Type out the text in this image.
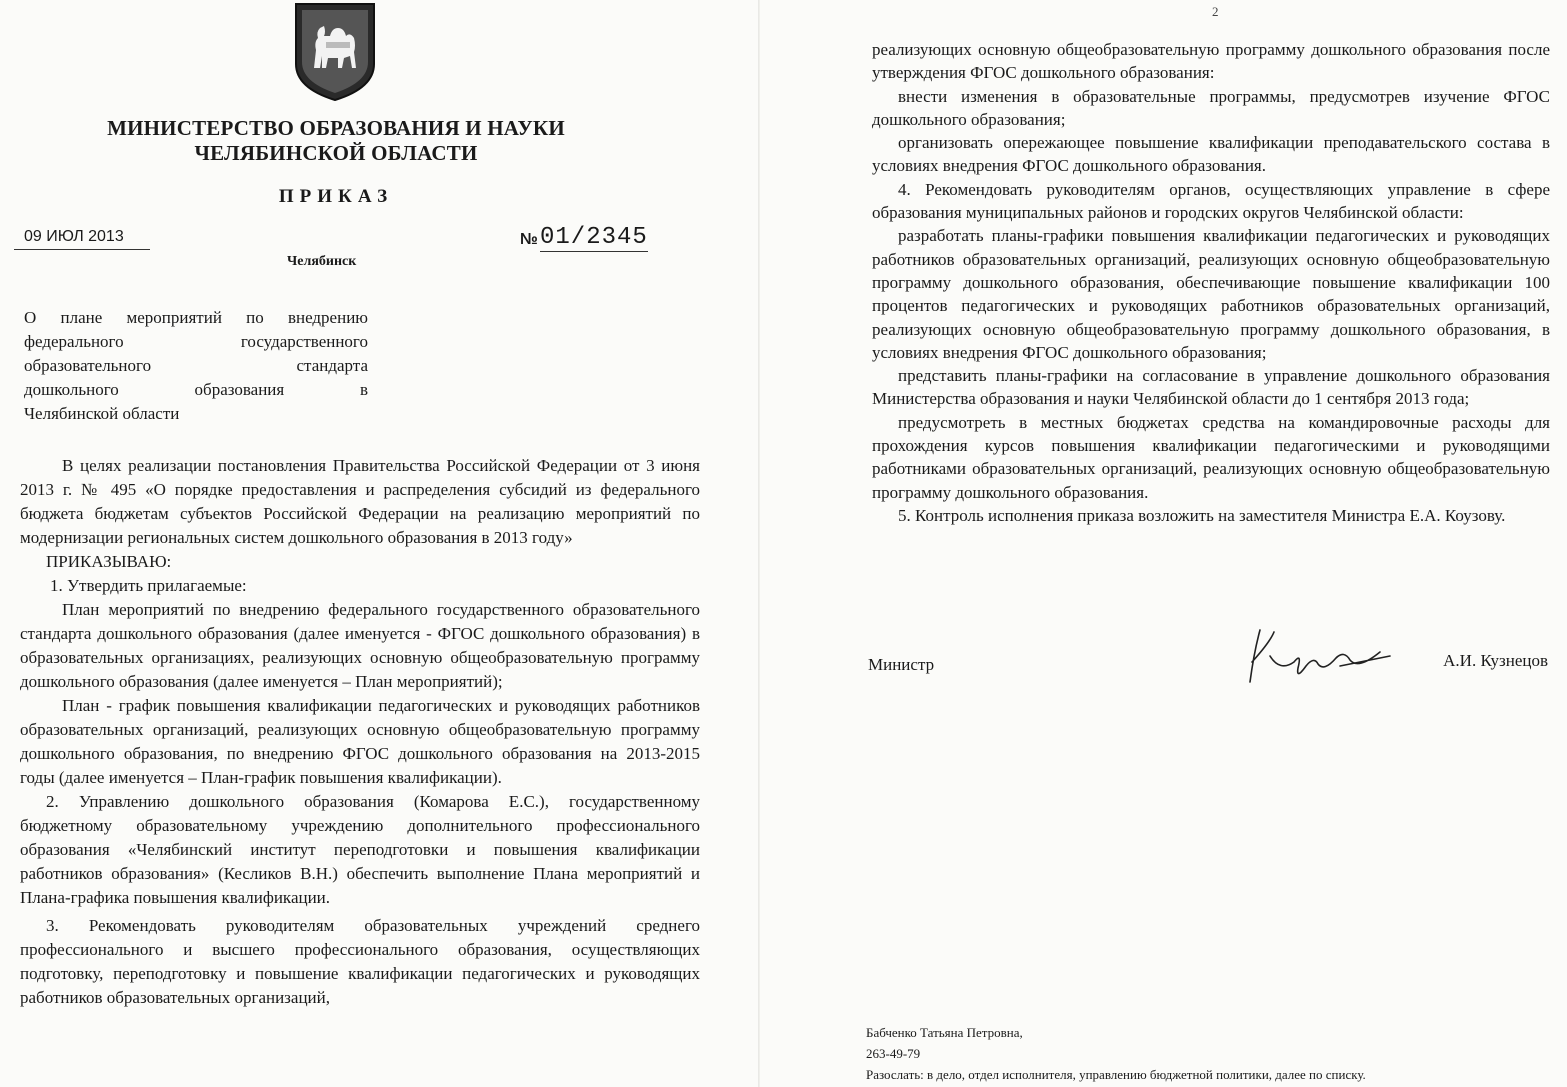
МИНИСТЕРСТВО ОБРАЗОВАНИЯ И НАУКИ
ЧЕЛЯБИНСКОЙ ОБЛАСТИ
ПРИКАЗ
09 ИЮЛ 2013	№ 01/2345
Челябинск
О плане мероприятий по внедрению
федерального государственного
образовательного стандарта
дошкольного образования в
Челябинской области

В целях реализации постановления Правительства Российской Федерации от 3 июня 2013 г. № 495 «О порядке предоставления и распределения субсидий из федерального бюджета бюджетам субъектов Российской Федерации на реализацию мероприятий по модернизации региональных систем дошкольного образования в 2013 году»

ПРИКАЗЫВАЮ:

1. Утвердить прилагаемые:

План мероприятий по внедрению федерального государственного образовательного стандарта дошкольного образования (далее именуется - ФГОС дошкольного образования) в образовательных организациях, реализующих основную общеобразовательную программу дошкольного образования (далее именуется – План мероприятий);

План - график повышения квалификации педагогических и руководящих работников образовательных организаций, реализующих основную общеобразовательную программу дошкольного образования, по внедрению ФГОС дошкольного образования на 2013-2015 годы (далее именуется – План-график повышения квалификации).

2. Управлению дошкольного образования (Комарова Е.С.), государственному бюджетному образовательному учреждению дополнительного профессионального образования «Челябинский институт переподготовки и повышения квалификации работников образования» (Кесликов В.Н.) обеспечить выполнение Плана мероприятий и Плана-графика повышения квалификации.

3. Рекомендовать руководителям образовательных учреждений среднего профессионального и высшего профессионального образования, осуществляющих подготовку, переподготовку и повышение квалификации педагогических и руководящих работников образовательных организаций,

2

реализующих основную общеобразовательную программу дошкольного образования после утверждения ФГОС дошкольного образования:

внести изменения в образовательные программы, предусмотрев изучение ФГОС дошкольного образования;

организовать опережающее повышение квалификации преподавательского состава в условиях внедрения ФГОС дошкольного образования.

4. Рекомендовать руководителям органов, осуществляющих управление в сфере образования муниципальных районов и городских округов Челябинской области:

разработать планы-графики повышения квалификации педагогических и руководящих работников образовательных организаций, реализующих основную общеобразовательную программу дошкольного образования, обеспечивающие повышение квалификации 100 процентов педагогических и руководящих работников образовательных организаций, реализующих основную общеобразовательную программу дошкольного образования, в условиях внедрения ФГОС дошкольного образования;

представить планы-графики на согласование в управление дошкольного образования Министерства образования и науки Челябинской области до 1 сентября 2013 года;

предусмотреть в местных бюджетах средства на командировочные расходы для прохождения курсов повышения квалификации педагогическими и руководящими работниками образовательных организаций, реализующих основную общеобразовательную программу дошкольного образования.

5. Контроль исполнения приказа возложить на заместителя Министра Е.А. Коузову.

Министр	А.И. Кузнецов
Бабченко Татьяна Петровна,
263-49-79
Разослать: в дело, отдел исполнителя, управлению бюджетной политики, далее по списку.
